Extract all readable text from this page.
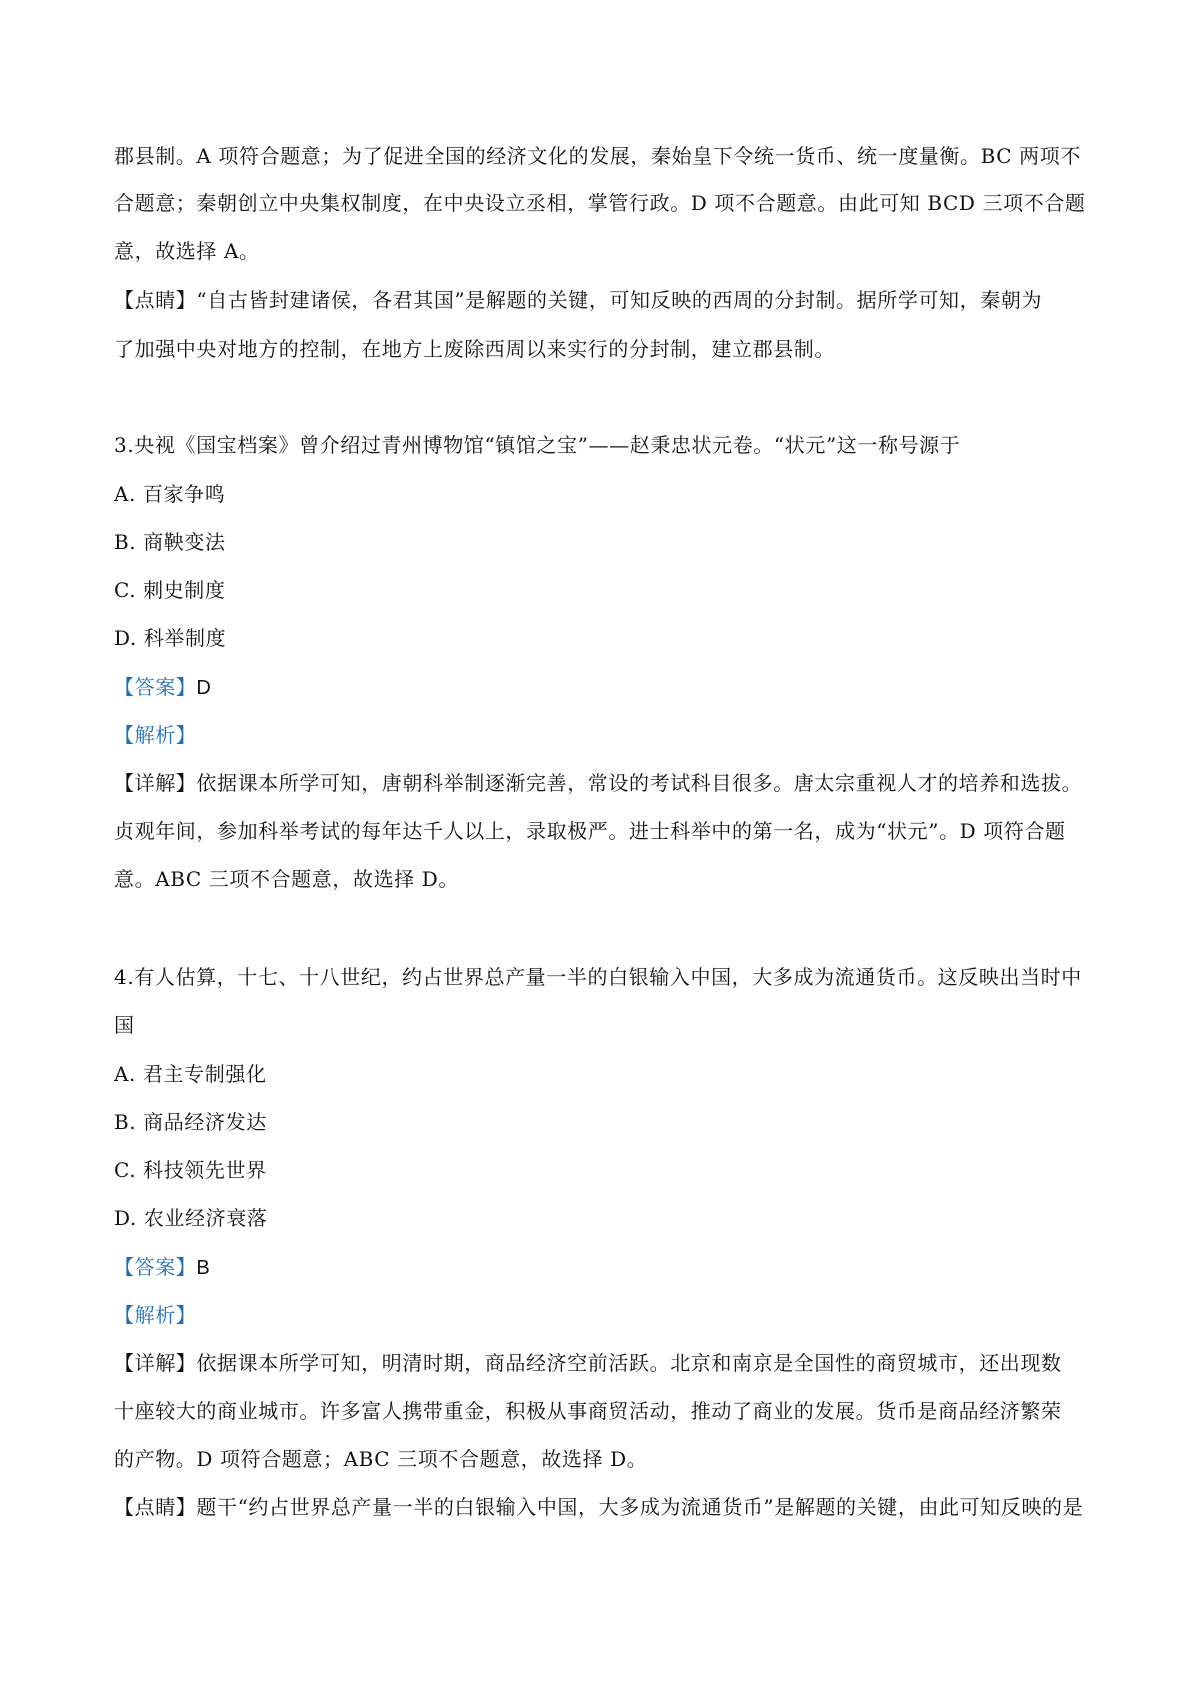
郡县制。A 项符合题意；为了促进全国的经济文化的发展，秦始皇下令统一货币、统一度量衡。BC 两项不
合题意；秦朝创立中央集权制度，在中央设立丞相，掌管行政。D 项不合题意。由此可知 BCD 三项不合题
意，故选择 A。
【点睛】“自古皆封建诸侯，各君其国”是解题的关键，可知反映的西周的分封制。据所学可知，秦朝为
了加强中央对地方的控制，在地方上废除西周以来实行的分封制，建立郡县制。
3.央视《国宝档案》曾介绍过青州博物馆“镇馆之宝”——赵秉忠状元卷。“状元”这一称号源于
A. 百家争鸣
B. 商鞅变法
C. 刺史制度
D. 科举制度
【答案】D
【解析】
【详解】依据课本所学可知，唐朝科举制逐渐完善，常设的考试科目很多。唐太宗重视人才的培养和选拔。
贞观年间，参加科举考试的每年达千人以上，录取极严。进士科举中的第一名，成为“状元”。D 项符合题
意。ABC 三项不合题意，故选择 D。
4.有人估算，十七、十八世纪，约占世界总产量一半的白银输入中国，大多成为流通货币。这反映出当时中
国
A. 君主专制强化
B. 商品经济发达
C. 科技领先世界
D. 农业经济衰落
【答案】B
【解析】
【详解】依据课本所学可知，明清时期，商品经济空前活跃。北京和南京是全国性的商贸城市，还出现数
十座较大的商业城市。许多富人携带重金，积极从事商贸活动，推动了商业的发展。货币是商品经济繁荣
的产物。D 项符合题意；ABC 三项不合题意，故选择 D。
【点睛】题干“约占世界总产量一半的白银输入中国，大多成为流通货币”是解题的关键，由此可知反映的是
